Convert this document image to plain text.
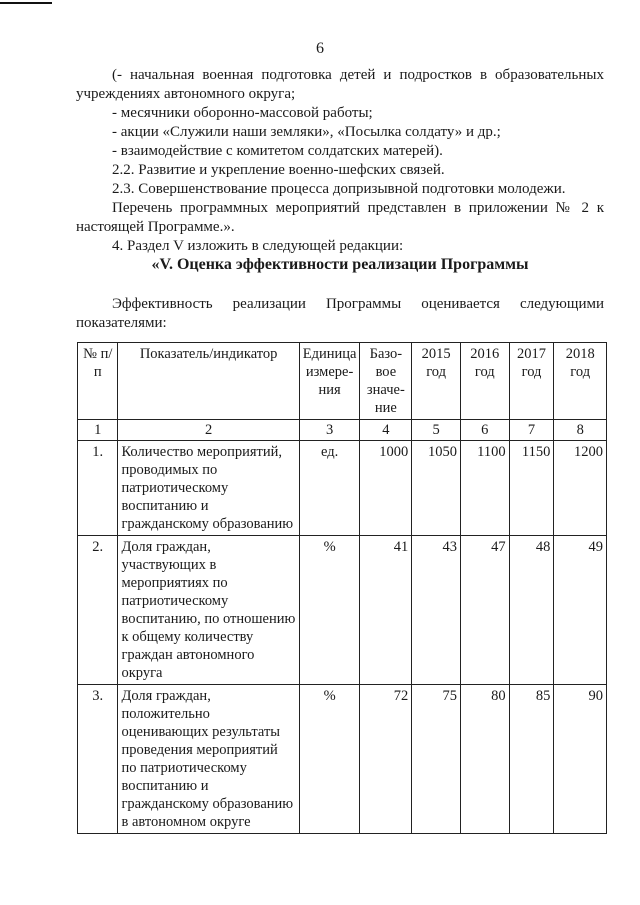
6

(- начальная военная подготовка детей и подростков в образовательных учреждениях автономного округа;

- месячники оборонно-массовой работы;

- акции «Служили наши земляки», «Посылка солдату» и др.;

- взаимодействие с комитетом солдатских матерей).

2.2. Развитие и укрепление военно-шефских связей.

2.3. Совершенствование процесса допризывной подготовки молодежи.

Перечень программных мероприятий представлен в приложении № 2 к настоящей Программе.».

4. Раздел V изложить в следующей редакции:

«V. Оценка эффективности реализации Программы

Эффективность реализации Программы оценивается следующими показателями:

№ п/п	Показатель/индикатор	Единица измере-ния	Базо-вое значе-ние	2015 год	2016 год	2017 год	2018 год
1	2	3	4	5	6	7	8
1.	Количество мероприятий, проводимых по патриотическому воспитанию и гражданскому образованию	ед.	1000	1050	1100	1150	1200
2.	Доля граждан, участвующих в мероприятиях по патриотическому воспитанию, по отношению к общему количеству граждан автономного округа	%	41	43	47	48	49
3.	Доля граждан, положительно оценивающих результаты проведения мероприятий по патриотическому воспитанию и гражданскому образованию в автономном округе	%	72	75	80	85	90
